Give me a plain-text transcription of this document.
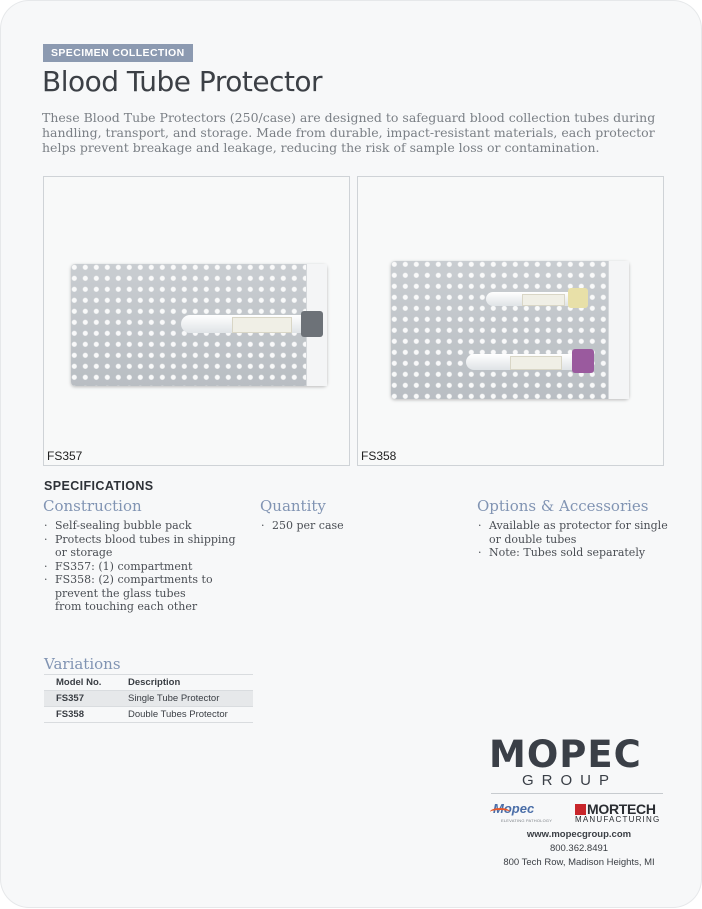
SPECIMEN COLLECTION
Blood Tube Protector
These Blood Tube Protectors (250/case) are designed to safeguard blood collection tubes during handling, transport, and storage. Made from durable, impact-resistant materials, each protector helps prevent breakage and leakage, reducing the risk of sample loss or contamination.
FS357	FS358
SPECIFICATIONS
Construction
· Self-sealing bubble pack
· Protects blood tubes in shipping or storage
· FS357: (1) compartment
· FS358: (2) compartments to prevent the glass tubes from touching each other
Quantity
· 250 per case
Options & Accessories
· Available as protector for single or double tubes
· Note: Tubes sold separately
Variations
Model No.	Description
FS357	Single Tube Protector
FS358	Double Tubes Protector
MOPEC
GROUP
Mopec
ELEVATING PATHOLOGY
MORTECH
MANUFACTURING
www.mopecgroup.com
800.362.8491
800 Tech Row, Madison Heights, MI
